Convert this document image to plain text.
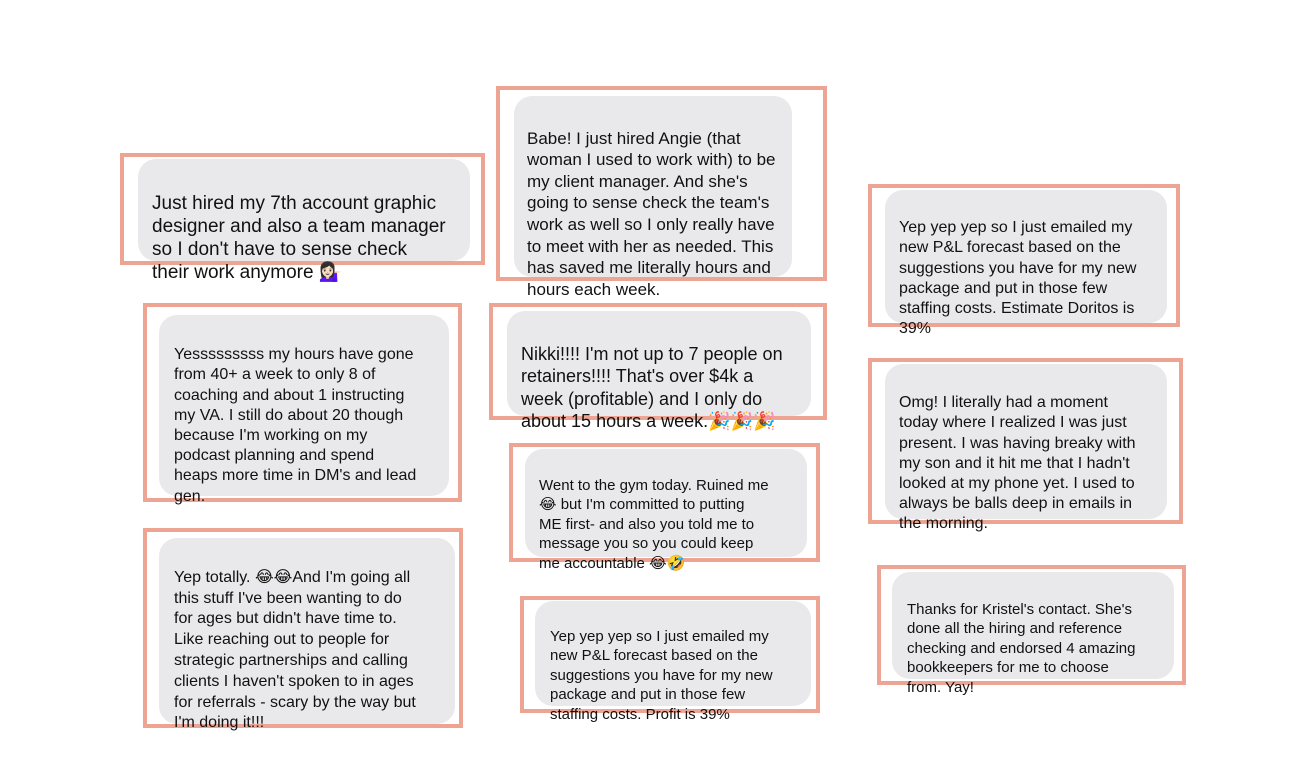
Just hired my 7th account graphic
designer and also a team manager
so I don't have to sense check
their work anymore 💁🏻‍♀️

Babe! I just hired Angie (that
woman I used to work with) to be
my client manager. And she's
going to sense check the team's
work as well so I only really have
to meet with her as needed. This
has saved me literally hours and
hours each week.

Yep yep yep so I just emailed my
new P&L forecast based on the
suggestions you have for my new
package and put in those few
staffing costs. Estimate Doritos is
39%

Yesssssssss my hours have gone
from 40+ a week to only 8 of
coaching and about 1 instructing
my VA. I still do about 20 though
because I'm working on my
podcast planning and spend
heaps more time in DM's and lead
gen.

Nikki!!!! I'm not up to 7 people on
retainers!!!! That's over $4k a
week (profitable) and I only do
about 15 hours a week.🎉🎉🎉

Omg! I literally had a moment
today where I realized I was just
present. I was having breaky with
my son and it hit me that I hadn't
looked at my phone yet. I used to
always be balls deep in emails in
the morning.

Went to the gym today. Ruined me
😂 but I'm committed to putting
ME first- and also you told me to
message you so you could keep
me accountable 😂🤣

Yep totally. 😂😂And I'm going all
this stuff I've been wanting to do
for ages but didn't have time to.
Like reaching out to people for
strategic partnerships and calling
clients I haven't spoken to in ages
for referrals - scary by the way but
I'm doing it!!!

Yep yep yep so I just emailed my
new P&L forecast based on the
suggestions you have for my new
package and put in those few
staffing costs. Profit is 39%

Thanks for Kristel's contact. She's
done all the hiring and reference
checking and endorsed 4 amazing
bookkeepers for me to choose
from. Yay!
